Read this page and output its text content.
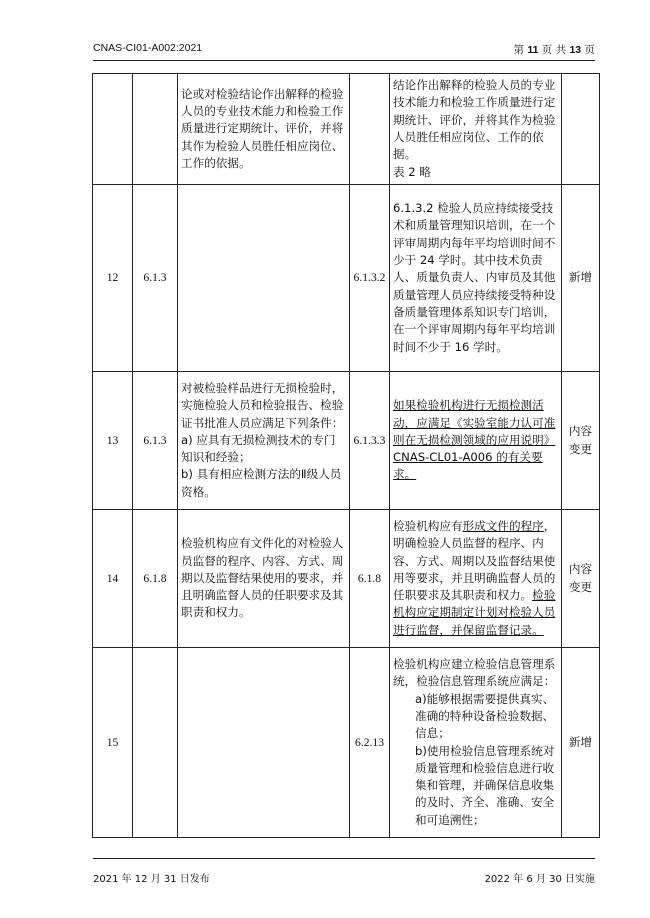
CNAS-CI01-A002:2021	第 11 页 共 13 页

		论或对检验结论作出解释的检验人员的专业技术能力和检验工作质量进行定期统计、评价，并将其作为检验人员胜任相应岗位、工作的依据。		结论作出解释的检验人员的专业技术能力和检验工作质量进行定期统计、评价，并将其作为检验人员胜任相应岗位、工作的依据。

表 2 略	

12	6.1.3		6.1.3.2	6.1.3.2 检验人员应持续接受技术和质量管理知识培训，在一个评审周期内每年平均培训时间不少于 24 学时。其中技术负责人、质量负责人、内审员及其他质量管理人员应持续接受特种设备质量管理体系知识专门培训，在一个评审周期内每年平均培训时间不少于 16 学时。	新增
13	6.1.3	对被检验样品进行无损检验时，实施检验人员和检验报告、检验证书批准人员应满足下列条件：

a) 应具有无损检测技术的专门知识和经验；

b) 具有相应检测方法的Ⅱ级人员资格。	6.1.3.3	如果检验机构进行无损检测活动，应满足《实验室能力认可准则在无损检测领域的应用说明》CNAS-CL01-A006 的有关要求。	内容变更
14	6.1.8	检验机构应有文件化的对检验人员监督的程序、内容、方式、周期以及监督结果使用的要求，并且明确监督人员的任职要求及其职责和权力。	6.1.8	检验机构应有形成文件的程序，明确检验人员监督的程序、内容、方式、周期以及监督结果使用等要求，并且明确监督人员的任职要求及其职责和权力。检验机构应定期制定计划对检验人员进行监督，并保留监督记录。	内容变更
15			6.2.13	检验机构应建立检验信息管理系统，检验信息管理系统应满足：

a)能够根据需要提供真实、准确的特种设备检验数据、信息；

b)使用检验信息管理系统对质量管理和检验信息进行收集和管理，并确保信息收集的及时、齐全、准确、安全和可追溯性；	新增
2021 年 12 月 31 日发布	2022 年 6 月 30 日实施
